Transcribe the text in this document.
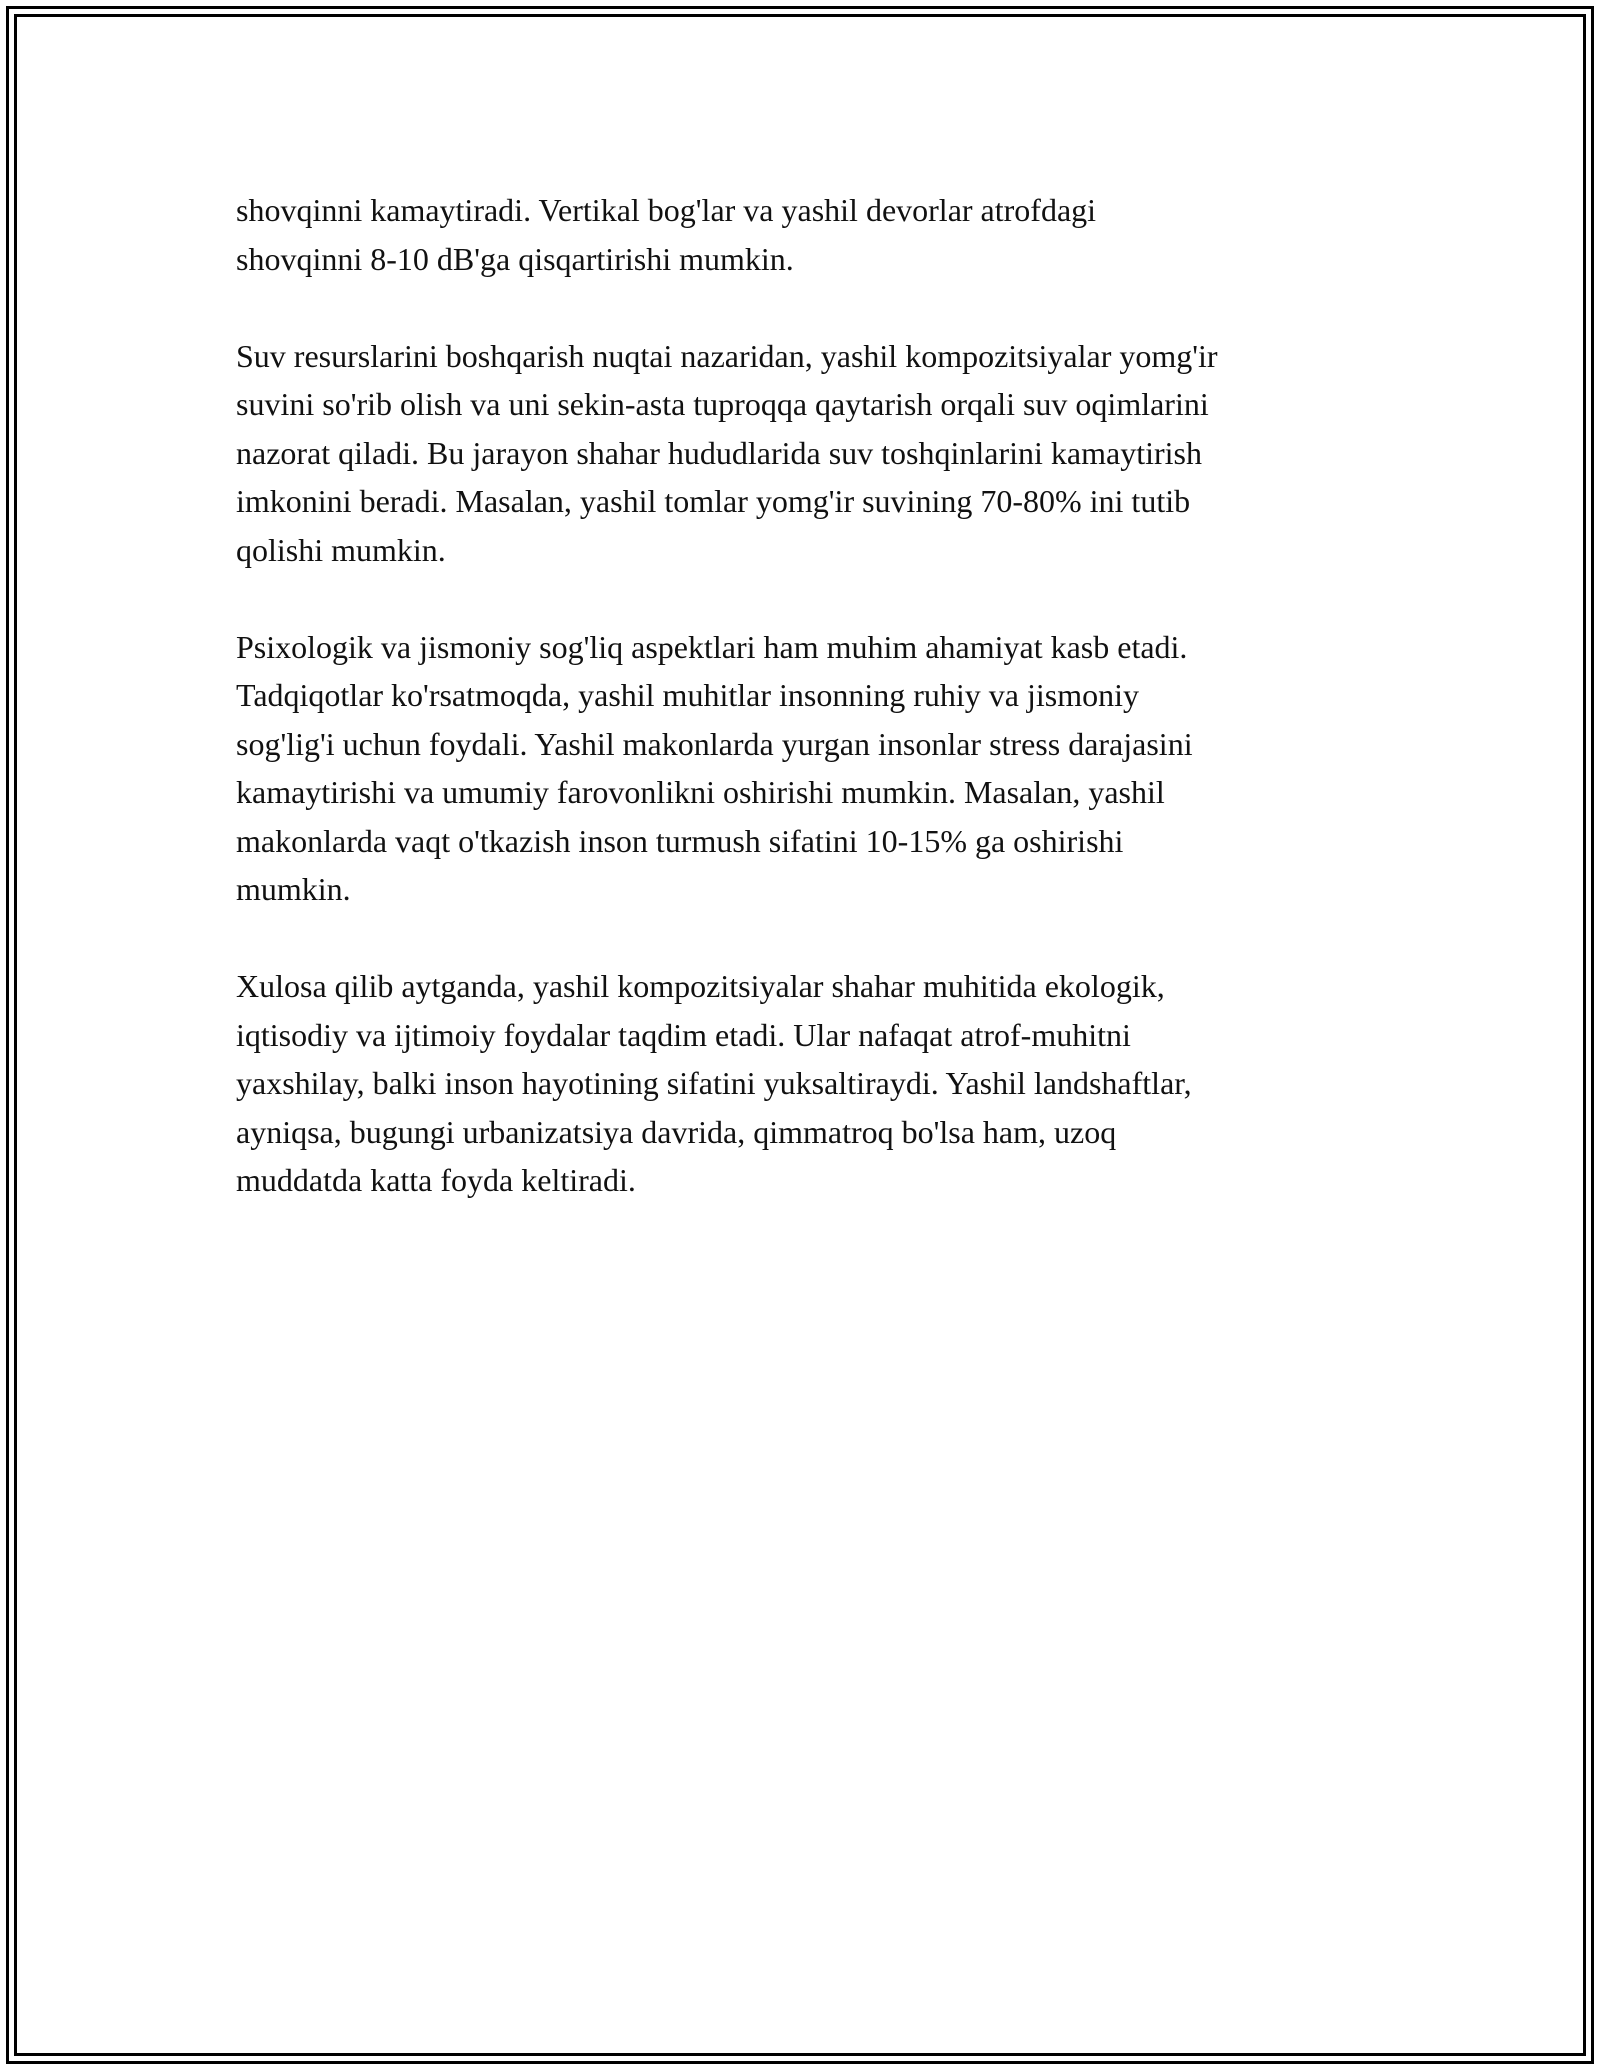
shovqinni kamaytiradi. Vertikal bog'lar va yashil devorlar atrofdagi
shovqinni 8-10 dB'ga qisqartirishi mumkin.

Suv resurslarini boshqarish nuqtai nazaridan, yashil kompozitsiyalar yomg'ir
suvini so'rib olish va uni sekin-asta tuproqqa qaytarish orqali suv oqimlarini
nazorat qiladi. Bu jarayon shahar hududlarida suv toshqinlarini kamaytirish
imkonini beradi. Masalan, yashil tomlar yomg'ir suvining 70-80% ini tutib
qolishi mumkin.

Psixologik va jismoniy sog'liq aspektlari ham muhim ahamiyat kasb etadi.
Tadqiqotlar ko'rsatmoqda, yashil muhitlar insonning ruhiy va jismoniy
sog'lig'i uchun foydali. Yashil makonlarda yurgan insonlar stress darajasini
kamaytirishi va umumiy farovonlikni oshirishi mumkin. Masalan, yashil
makonlarda vaqt o'tkazish inson turmush sifatini 10-15% ga oshirishi
mumkin.

Xulosa qilib aytganda, yashil kompozitsiyalar shahar muhitida ekologik,
iqtisodiy va ijtimoiy foydalar taqdim etadi. Ular nafaqat atrof-muhitni
yaxshilay, balki inson hayotining sifatini yuksaltiraydi. Yashil landshaftlar,
ayniqsa, bugungi urbanizatsiya davrida, qimmatroq bo'lsa ham, uzoq
muddatda katta foyda keltiradi.
